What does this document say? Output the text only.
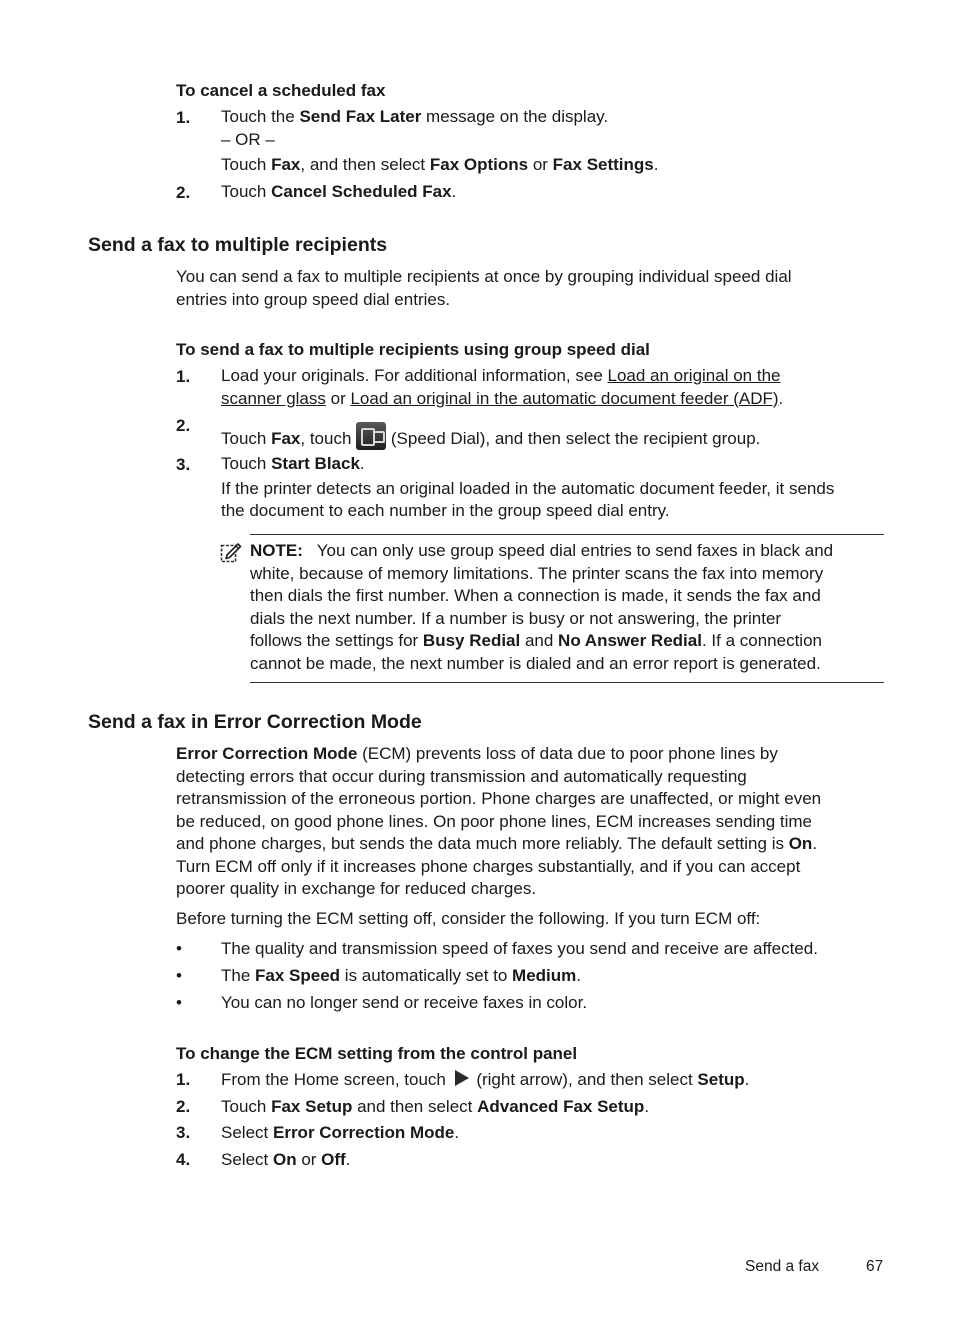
To cancel a scheduled fax
1. Touch the Send Fax Later message on the display.
– OR –

Touch Fax, and then select Fax Options or Fax Settings.
2. Touch Cancel Scheduled Fax.
Send a fax to multiple recipients
You can send a fax to multiple recipients at once by grouping individual speed dial
entries into group speed dial entries.
To send a fax to multiple recipients using group speed dial
1. Load your originals. For additional information, see Load an original on the
scanner glass or Load an original in the automatic document feeder (ADF).
2.
Touch Fax, touch  (Speed Dial), and then select the recipient group.
3. Touch Start Black.

If the printer detects an original loaded in the automatic document feeder, it sends
the document to each number in the group speed dial entry.
NOTE: You can only use group speed dial entries to send faxes in black and
white, because of memory limitations. The printer scans the fax into memory
then dials the first number. When a connection is made, it sends the fax and
dials the next number. If a number is busy or not answering, the printer
follows the settings for Busy Redial and No Answer Redial. If a connection
cannot be made, the next number is dialed and an error report is generated.
Send a fax in Error Correction Mode
Error Correction Mode (ECM) prevents loss of data due to poor phone lines by
detecting errors that occur during transmission and automatically requesting
retransmission of the erroneous portion. Phone charges are unaffected, or might even
be reduced, on good phone lines. On poor phone lines, ECM increases sending time
and phone charges, but sends the data much more reliably. The default setting is On.
Turn ECM off only if it increases phone charges substantially, and if you can accept
poorer quality in exchange for reduced charges.
Before turning the ECM setting off, consider the following. If you turn ECM off:
• The quality and transmission speed of faxes you send and receive are affected.
• The Fax Speed is automatically set to Medium.
• You can no longer send or receive faxes in color.
To change the ECM setting from the control panel
1. From the Home screen, touch  (right arrow), and then select Setup.
2. Touch Fax Setup and then select Advanced Fax Setup.
3. Select Error Correction Mode.
4. Select On or Off.
Send a fax	67
